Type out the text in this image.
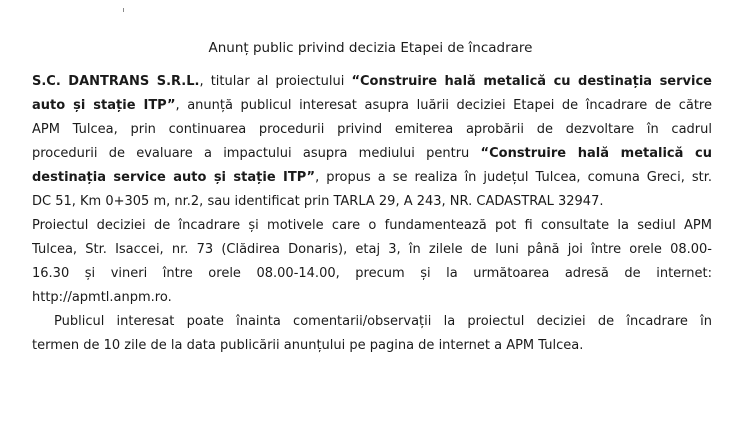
Anunț public privind decizia Etapei de încadrare
S.C. DANTRANS S.R.L., titular al proiectului “Construire hală metalică cu destinația service
auto și stație ITP”, anunță publicul interesat asupra luării deciziei Etapei de încadrare de către
APM Tulcea, prin continuarea procedurii privind emiterea aprobării de dezvoltare în cadrul
procedurii de evaluare a impactului asupra mediului pentru “Construire hală metalică cu
destinația service auto și stație ITP”, propus a se realiza în județul Tulcea, comuna Greci, str.
DC 51, Km 0+305 m, nr.2, sau identificat prin TARLA 29, A 243, NR. CADASTRAL 32947.
Proiectul deciziei de încadrare și motivele care o fundamentează pot fi consultate la sediul APM
Tulcea, Str. Isaccei, nr. 73 (Clădirea Donaris), etaj 3, în zilele de luni până joi între orele 08.00-
16.30 și vineri între orele 08.00-14.00, precum și la următoarea adresă de internet:
http://apmtl.anpm.ro.
Publicul interesat poate înainta comentarii/observații la proiectul deciziei de încadrare în
termen de 10 zile de la data publicării anunțului pe pagina de internet a APM Tulcea.
